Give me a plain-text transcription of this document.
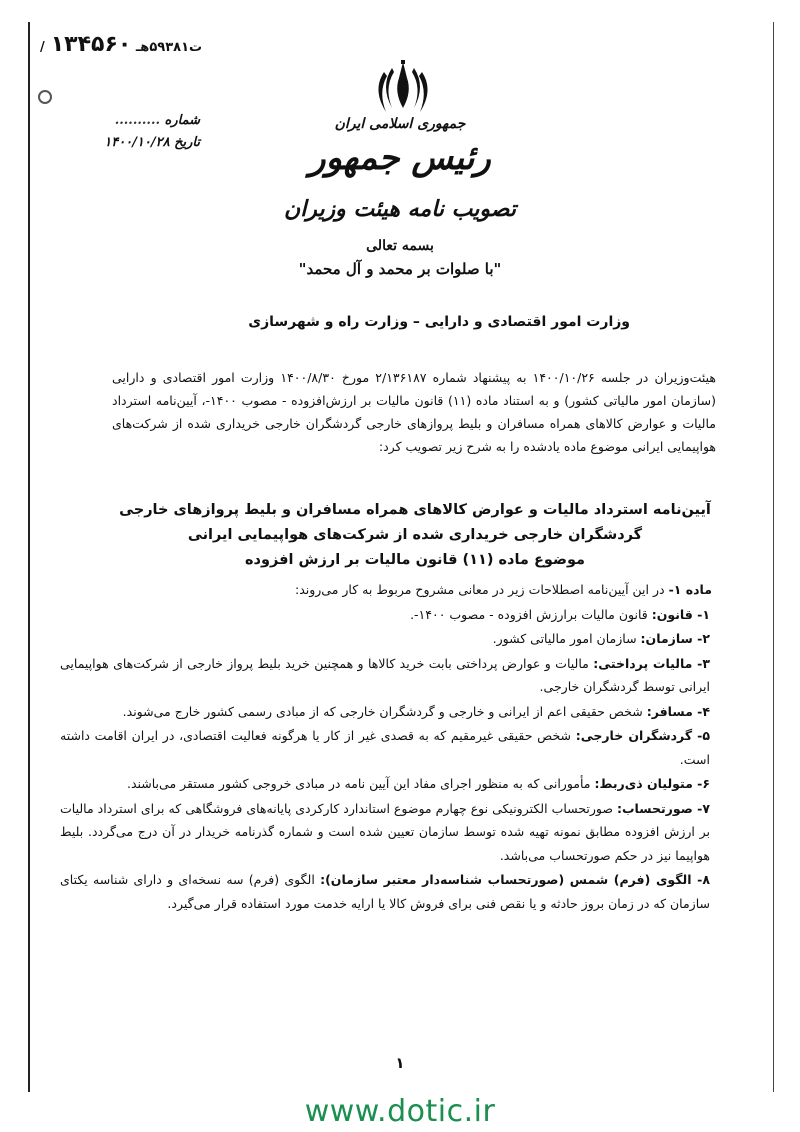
/ت۵۹۳۸۱هـ ۱۳۴۵۶۰
شماره ..........
تاریخ ۱۴۰۰/۱۰/۲۸
جمهوری اسلامی ایران
رئیس جمهور
تصویب نامه هیئت وزیران
بسمه تعالی
"با صلوات بر محمد و آل محمد"
وزارت امور اقتصادی و دارایی – وزارت راه و شهرسازی
هیئت‌وزیران در جلسه ۱۴۰۰/۱۰/۲۶ به پیشنهاد شماره ۲/۱۳۶۱۸۷ مورخ ۱۴۰۰/۸/۳۰ وزارت امور اقتصادی و دارایی (سازمان امور مالیاتی کشور) و به استناد ماده (۱۱) قانون مالیات بر ارزش‌افزوده - مصوب ۱۴۰۰-، آیین‌نامه استرداد مالیات و عوارض کالاهای همراه مسافران و بلیط پروازهای خارجی گردشگران خارجی خریداری شده از شرکت‌های هواپیمایی ایرانی موضوع ماده یادشده را به شرح زیر تصویب کرد:
آیین‌نامه استرداد مالیات و عوارض کالاهای همراه مسافران و بلیط پروازهای خارجی
گردشگران خارجی خریداری شده از شرکت‌های هواپیمایی ایرانی
موضوع ماده (۱۱) قانون مالیات بر ارزش افزوده

ماده ۱- در این آیین‌نامه اصطلاحات زیر در معانی مشروح مربوط به کار می‌روند:

۱- قانون: قانون مالیات برارزش افزوده - مصوب ۱۴۰۰-.

۲- سازمان: سازمان امور مالیاتی کشور.

۳- مالیات پرداختی: مالیات و عوارض پرداختی بابت خرید کالاها و همچنین خرید بلیط پرواز خارجی از شرکت‌های هواپیمایی ایرانی توسط گردشگران خارجی.

۴- مسافر: شخص حقیقی اعم از ایرانی و خارجی و گردشگران خارجی که از مبادی رسمی کشور خارج می‌شوند.

۵- گردشگران خارجی: شخص حقیقی غیرمقیم که به قصدی غیر از کار یا هرگونه فعالیت اقتصادی، در ایران اقامت داشته است.

۶- متولیان ذی‌ربط: مأمورانی که به منظور اجرای مفاد این آیین نامه در مبادی خروجی کشور مستقر می‌باشند.

۷- صورتحساب: صورتحساب الکترونیکی نوع چهارم موضوع استاندارد کارکردی پایانه‌های فروشگاهی که برای استرداد مالیات بر ارزش افزوده مطابق نمونه تهیه شده توسط سازمان تعیین شده است و شماره گذرنامه خریدار در آن درج می‌گردد. بلیط هواپیما نیز در حکم صورتحساب می‌باشد.

۸- الگوی (فرم) شمس (صورتحساب شناسه‌دار معتبر سازمان): الگوی (فرم) سه نسخه‌ای و دارای شناسه یکتای سازمان که در زمان بروز حادثه و یا نقص فنی برای فروش کالا یا ارایه خدمت مورد استفاده قرار می‌گیرد.

۱
www.dotic.ir
